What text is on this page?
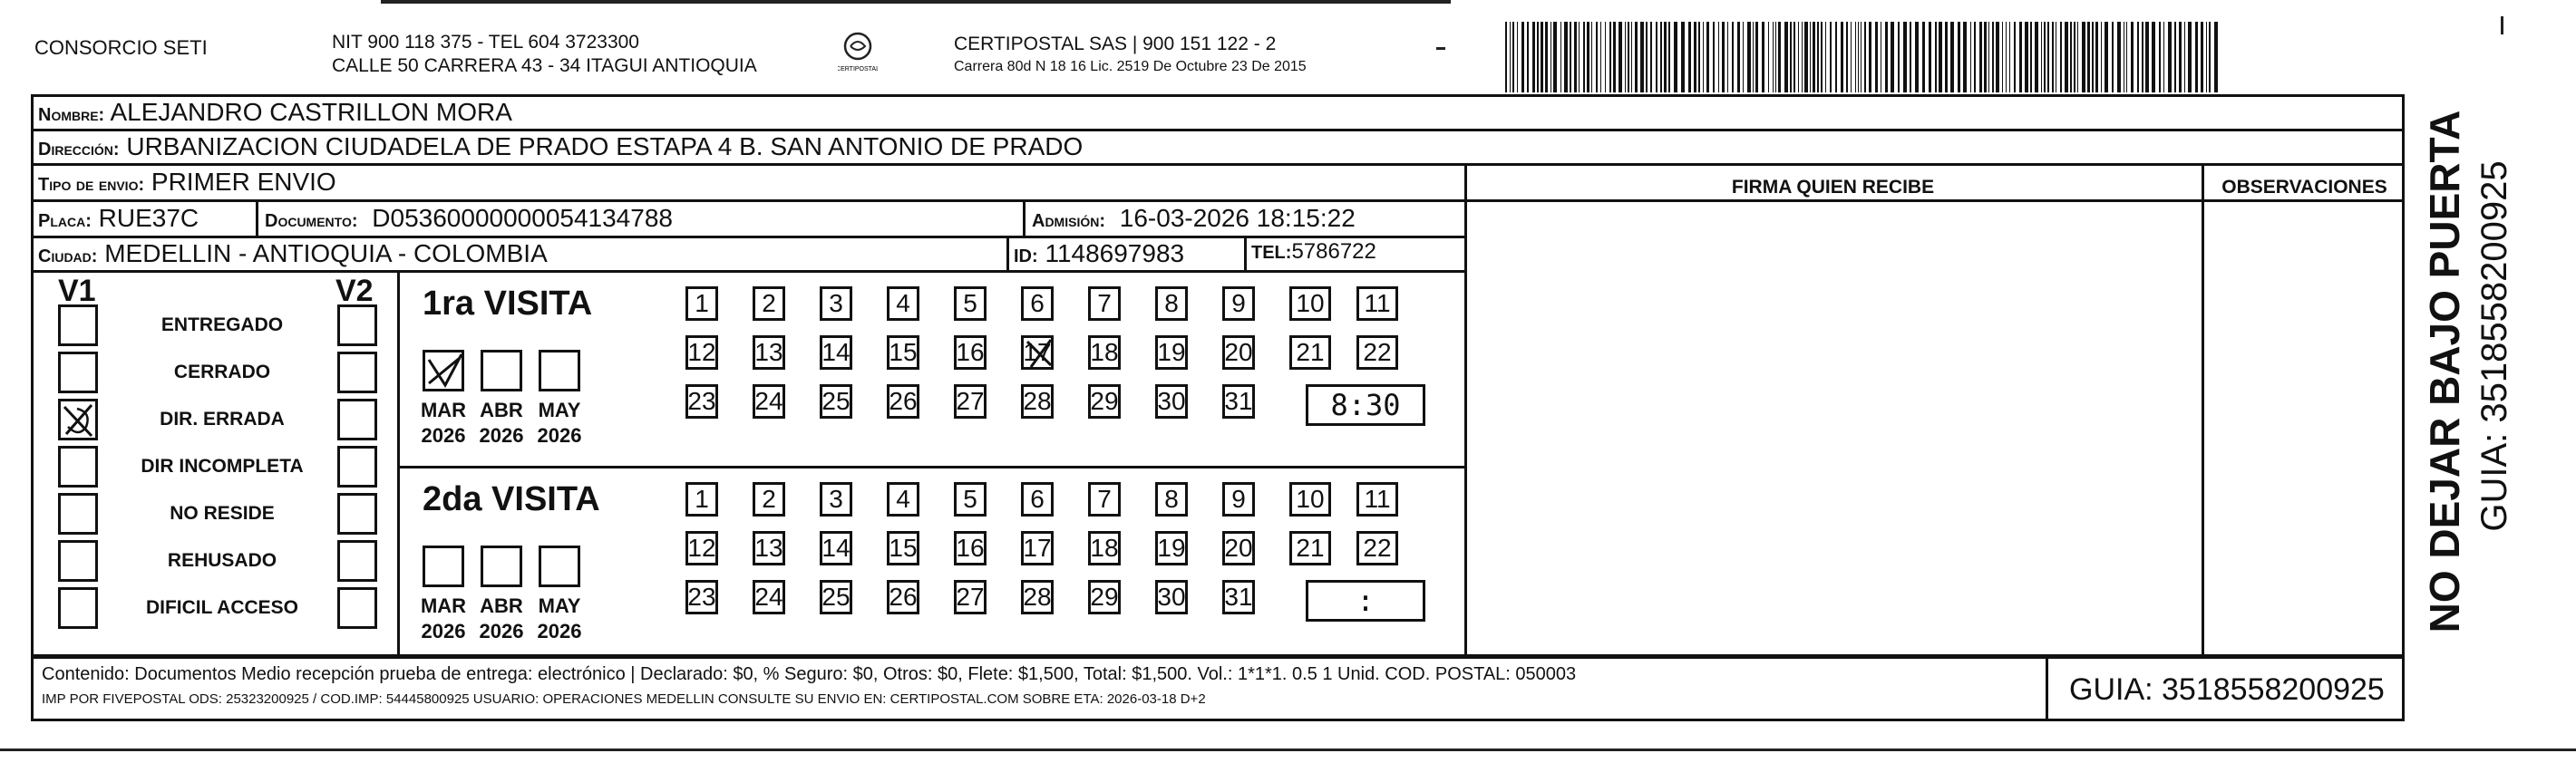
CONSORCIO SETI	NIT 900 118 375 - TEL 604 3723300
CALLE 50 CARRERA 43 - 34 ITAGUI ANTIOQUIA	CERTIPOSTAL
CERTIPOSTAL SAS | 900 151 122 - 2
Carrera 80d N 18 16 Lic. 2519 De Octubre 23 De 2015
Nombre: ALEJANDRO CASTRILLON MORA
Dirección: URBANIZACION CIUDADELA DE PRADO ESTAPA 4 B. SAN ANTONIO DE PRADO
Tipo de envio: PRIMER ENVIO
Placa: RUE37C	Documento: D05360000000054134788	Admisión: 16-03-2026 18:15:22
Ciudad: MEDELLIN - ANTIOQUIA - COLOMBIA	ID: 1148697983	TEL:5786722
FIRMA QUIEN RECIBE	OBSERVACIONES
V1	V2
ENTREGADO
CERRADO
DIR. ERRADA
DIR INCOMPLETA
NO RESIDE
REHUSADO
DIFICIL ACCESO
1ra VISITA
MAR
2026
ABR
2026
MAY
2026
1 2 3 4 5 6 7 8 9 10 11
12 13 14 15 16 17 18 19 20 21 22
23 24 25 26 27 28 29 30 31	8:30
2da VISITA
MAR
2026
ABR
2026
MAY
2026
1 2 3 4 5 6 7 8 9 10 11
12 13 14 15 16 17 18 19 20 21 22
23 24 25 26 27 28 29 30 31	:
Contenido: Documentos Medio recepción prueba de entrega: electrónico | Declarado: $0, % Seguro: $0, Otros: $0, Flete: $1,500, Total: $1,500. Vol.: 1*1*1. 0.5 1 Unid. COD. POSTAL: 050003
IMP POR FIVEPOSTAL ODS: 25323200925 / COD.IMP: 54445800925 USUARIO: OPERACIONES MEDELLIN CONSULTE SU ENVIO EN: CERTIPOSTAL.COM SOBRE ETA: 2026-03-18 D+2	GUIA: 3518558200925
NO DEJAR BAJO PUERTA GUIA: 3518558200925
